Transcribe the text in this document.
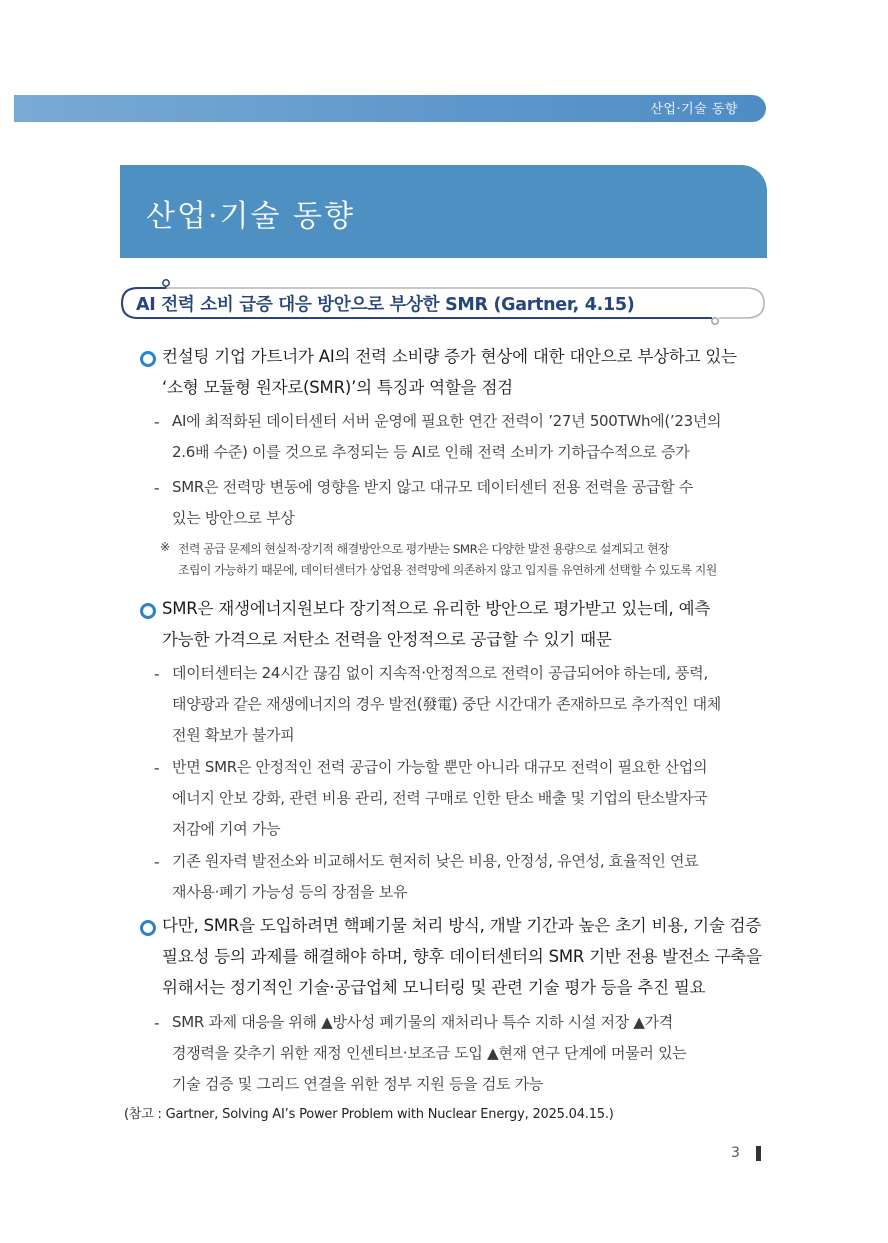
산업·기술 동향
산업·기술 동향
AI 전력 소비 급증 대응 방안으로 부상한 SMR (Gartner, 4.15)
컨설팅 기업 가트너가 AI의 전력 소비량 증가 현상에 대한 대안으로 부상하고 있는
‘소형 모듈형 원자로(SMR)’의 특징과 역할을 점검
- AI에 최적화된 데이터센터 서버 운영에 필요한 연간 전력이 ’27년 500TWh에(’23년의
2.6배 수준) 이를 것으로 추정되는 등 AI로 인해 전력 소비가 기하급수적으로 증가
- SMR은 전력망 변동에 영향을 받지 않고 대규모 데이터센터 전용 전력을 공급할 수
있는 방안으로 부상
※ 전력 공급 문제의 현실적·장기적 해결방안으로 평가받는 SMR은 다양한 발전 용량으로 설계되고 현장
조립이 가능하기 때문에, 데이터센터가 상업용 전력망에 의존하지 않고 입지를 유연하게 선택할 수 있도록 지원
SMR은 재생에너지원보다 장기적으로 유리한 방안으로 평가받고 있는데, 예측
가능한 가격으로 저탄소 전력을 안정적으로 공급할 수 있기 때문
- 데이터센터는 24시간 끊김 없이 지속적·안정적으로 전력이 공급되어야 하는데, 풍력,
태양광과 같은 재생에너지의 경우 발전(發電) 중단 시간대가 존재하므로 추가적인 대체
전원 확보가 불가피
- 반면 SMR은 안정적인 전력 공급이 가능할 뿐만 아니라 대규모 전력이 필요한 산업의
에너지 안보 강화, 관련 비용 관리, 전력 구매로 인한 탄소 배출 및 기업의 탄소발자국
저감에 기여 가능
- 기존 원자력 발전소와 비교해서도 현저히 낮은 비용, 안정성, 유연성, 효율적인 연료
재사용·폐기 가능성 등의 장점을 보유
다만, SMR을 도입하려면 핵폐기물 처리 방식, 개발 기간과 높은 초기 비용, 기술 검증
필요성 등의 과제를 해결해야 하며, 향후 데이터센터의 SMR 기반 전용 발전소 구축을
위해서는 정기적인 기술·공급업체 모니터링 및 관련 기술 평가 등을 추진 필요
- SMR 과제 대응을 위해 ▲방사성 폐기물의 재처리나 특수 지하 시설 저장 ▲가격
경쟁력을 갖추기 위한 재정 인센티브·보조금 도입 ▲현재 연구 단계에 머물러 있는
기술 검증 및 그리드 연결을 위한 정부 지원 등을 검토 가능
(참고 : Gartner, Solving AI’s Power Problem with Nuclear Energy, 2025.04.15.)
3
